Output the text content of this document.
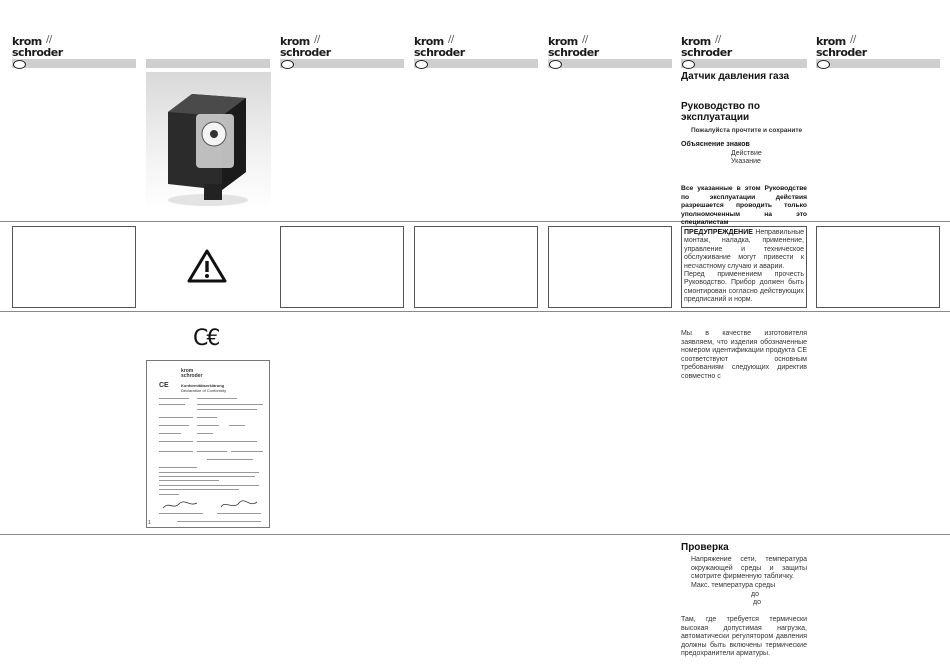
krom //
schroder
krom //
schroder
krom //
schroder
krom //
schroder
krom //
schroder
krom //
schroder
ПРЕДУПРЕЖДЕНИЕ Неправильные монтаж, наладка, применение, управление и техническое обслуживание могут привести к несчастному случаю и аварии.
Перед применением прочесть Руководство. Прибор должен быть смонтирован согласно действующих предписаний и норм.
C€
krom
schroder
CE	Konformitätserklärung
Declaration of Conformity
1
Датчик давления газа
Руководство по эксплуатации
Пожалуйста прочтите и сохраните
Объяснение знаков
Действие
Указание
Все указанные в этом Руководстве по эксплуатации действия разрешается проводить только уполномоченным на это специалистам
Мы в качестве изготовителя заявляем, что изделия обозначенные номером идентификации продукта CE соответствуют основным требованиям следующих директив совместно с
Проверка
Напряжение сети, температура окружающей среды и защиты смотрите фирменную табличку.
Макс. температура среды
до
до
Там, где требуется термически высокая допустимая нагрузка, автоматически регулятором давления должны быть включены термические предохранители арматуры.
